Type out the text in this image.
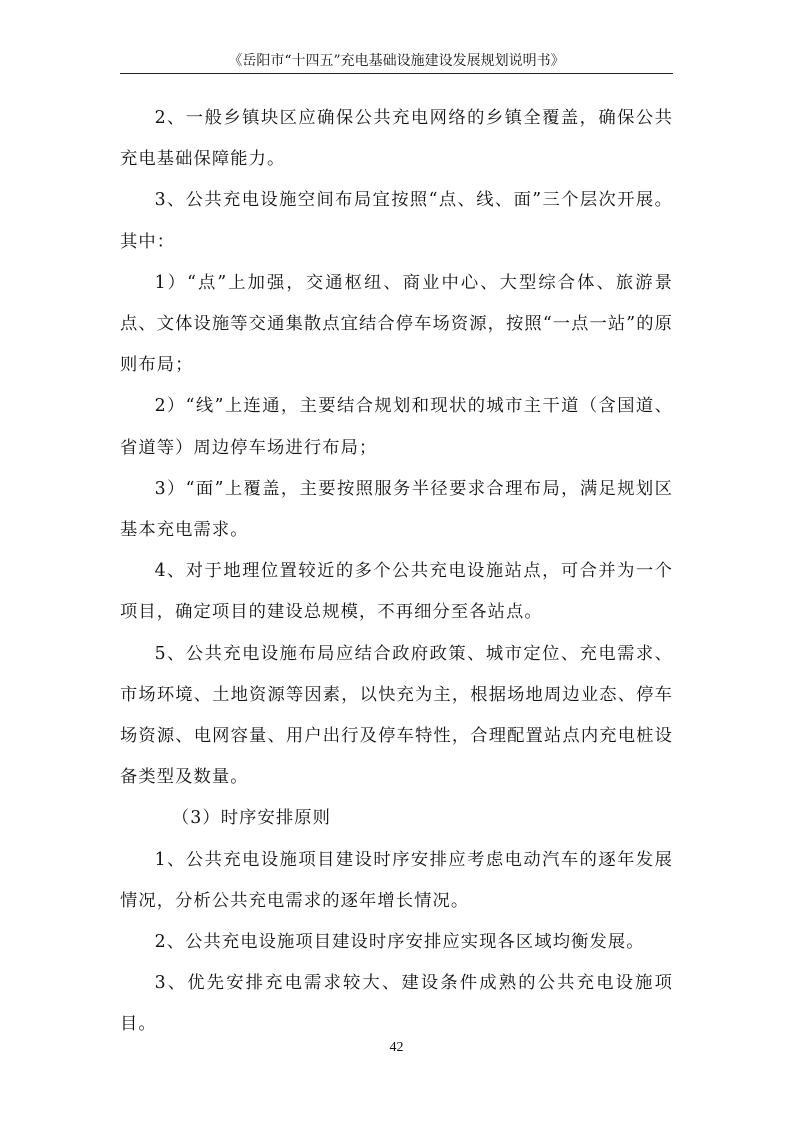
《岳阳市“十四五”充电基础设施建设发展规划说明书》

2、一般乡镇块区应确保公共充电网络的乡镇全覆盖，确保公共充电基础保障能力。

3、公共充电设施空间布局宜按照“点、线、面”三个层次开展。其中：

1）“点”上加强，交通枢纽、商业中心、大型综合体、旅游景点、文体设施等交通集散点宜结合停车场资源，按照“一点一站”的原则布局；

2）“线”上连通，主要结合规划和现状的城市主干道（含国道、省道等）周边停车场进行布局；

3）“面”上覆盖，主要按照服务半径要求合理布局，满足规划区基本充电需求。

4、对于地理位置较近的多个公共充电设施站点，可合并为一个项目，确定项目的建设总规模，不再细分至各站点。

5、公共充电设施布局应结合政府政策、城市定位、充电需求、市场环境、土地资源等因素，以快充为主，根据场地周边业态、停车场资源、电网容量、用户出行及停车特性，合理配置站点内充电桩设备类型及数量。

（3）时序安排原则

1、公共充电设施项目建设时序安排应考虑电动汽车的逐年发展情况，分析公共充电需求的逐年增长情况。

2、公共充电设施项目建设时序安排应实现各区域均衡发展。

3、优先安排充电需求较大、建设条件成熟的公共充电设施项目。

42
